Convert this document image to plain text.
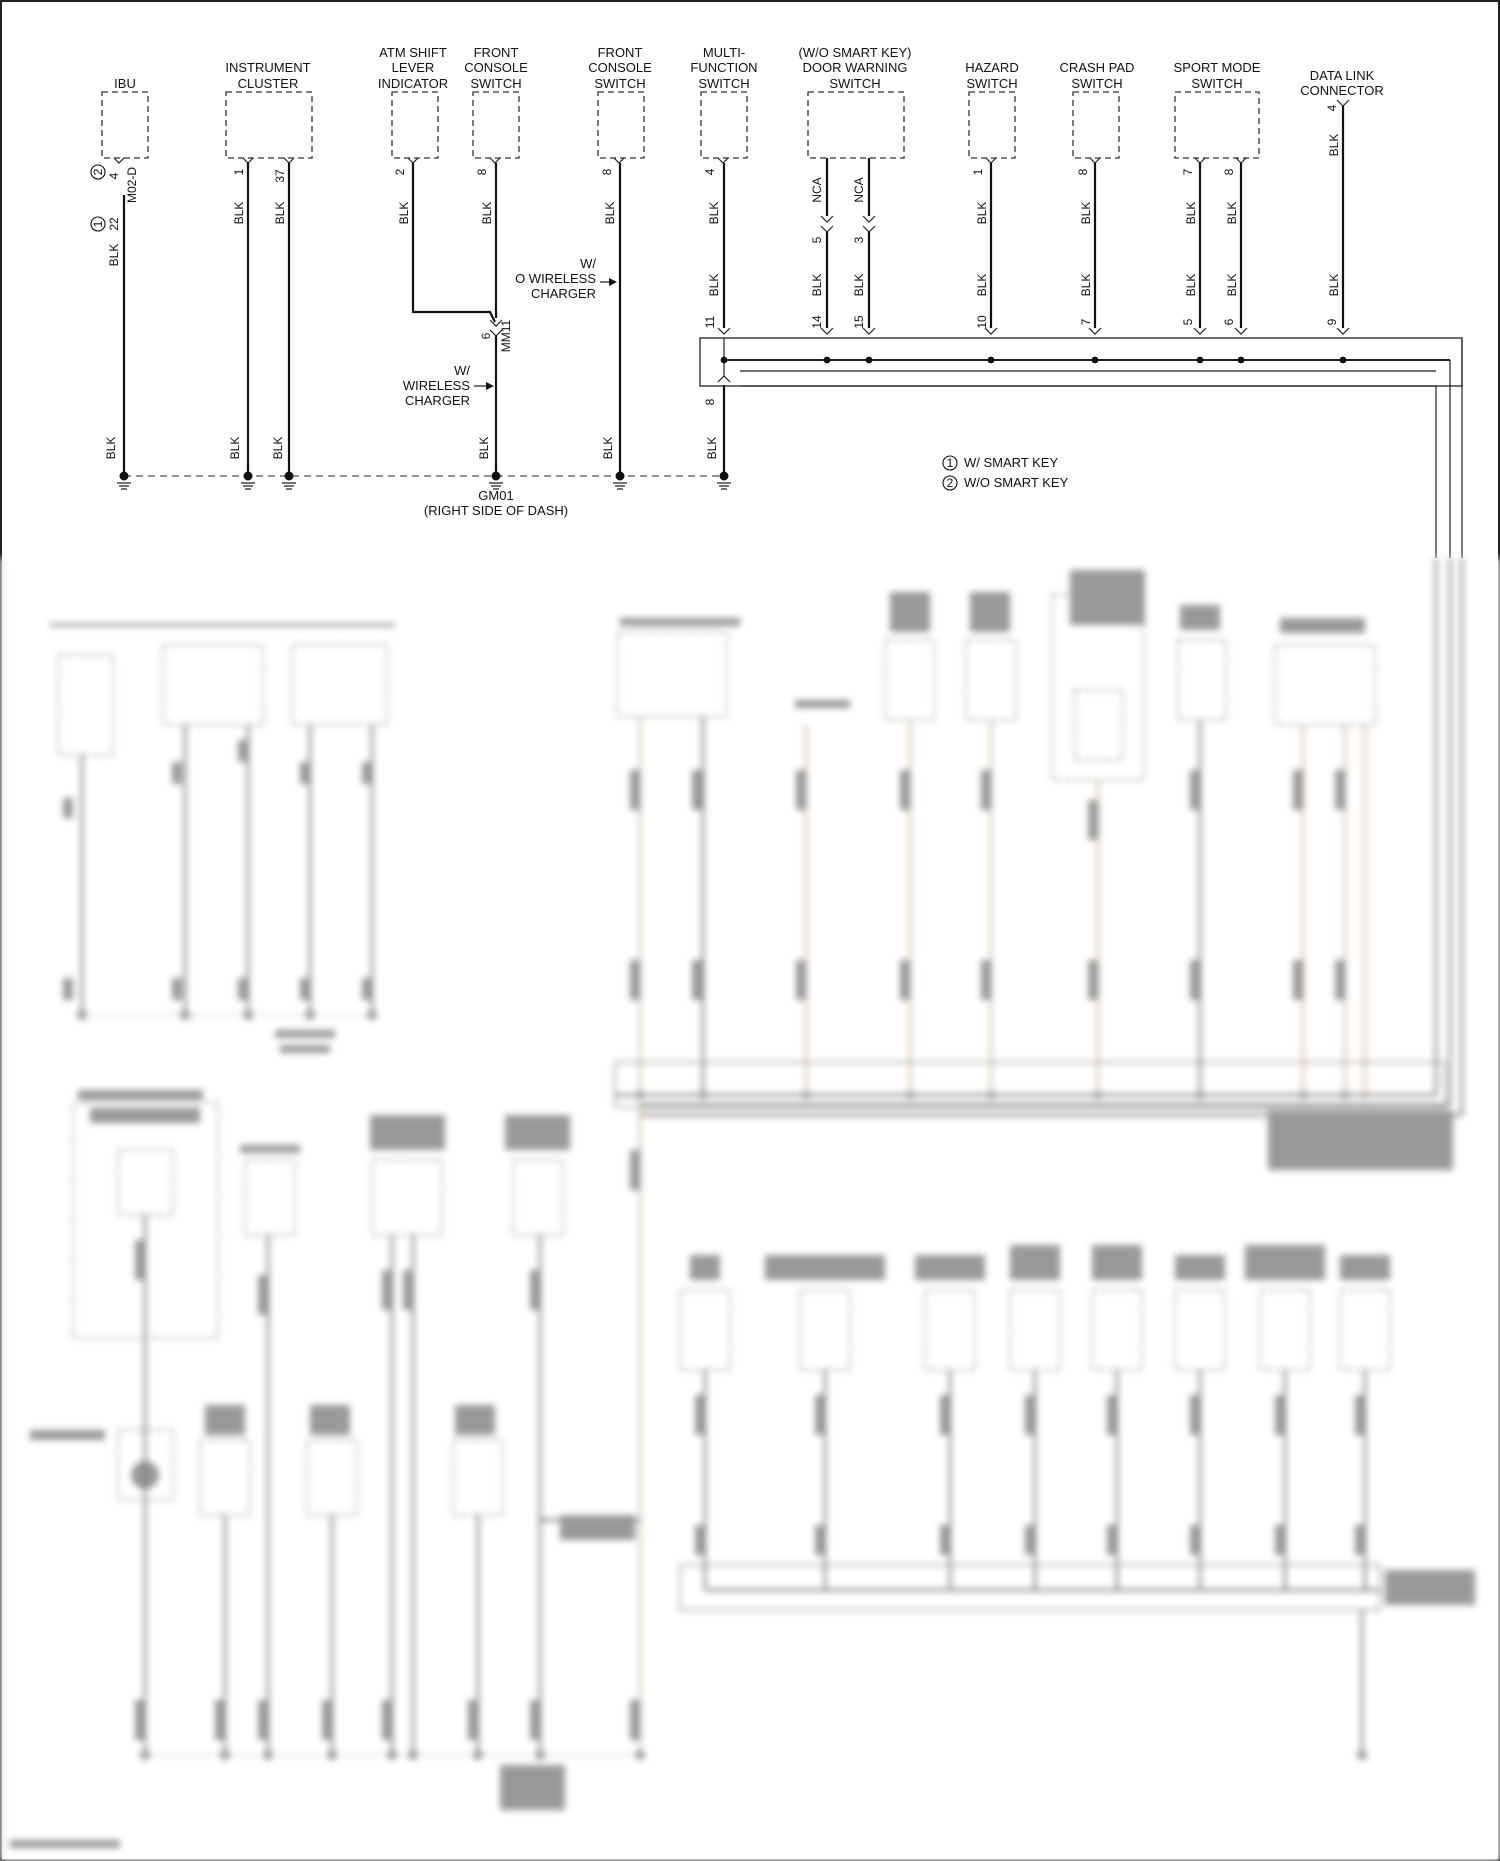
IBU
4 M02-D
2
1 22
BLK
BLK
INSTRUMENT
CLUSTER
1 37
BLK BLK
BLK BLK
ATM SHIFT
LEVER
INDICATOR
2
BLK
FRONT
CONSOLE
SWITCH
8
BLK
BLK
6 MM11
W/
WIRELESS
CHARGER
FRONT
CONSOLE
SWITCH
8
BLK
BLK
W/
O WIRELESS
CHARGER
MULTI-
FUNCTION
SWITCH
4
BLK
BLK
11
8
BLK
(W/O SMART KEY)
DOOR WARNING
SWITCH
NCA NCA
5 3
BLK BLK
14 15
HAZARD
SWITCH
1
BLK
BLK
10
CRASH PAD
SWITCH
8
BLK
BLK
7
SPORT MODE
SWITCH
7 8
BLK BLK
BLK BLK
5 6
DATA LINK
CONNECTOR
4
BLK
BLK
9
GM01
(RIGHT SIDE OF DASH)
1 W/ SMART KEY
2 W/O SMART KEY
